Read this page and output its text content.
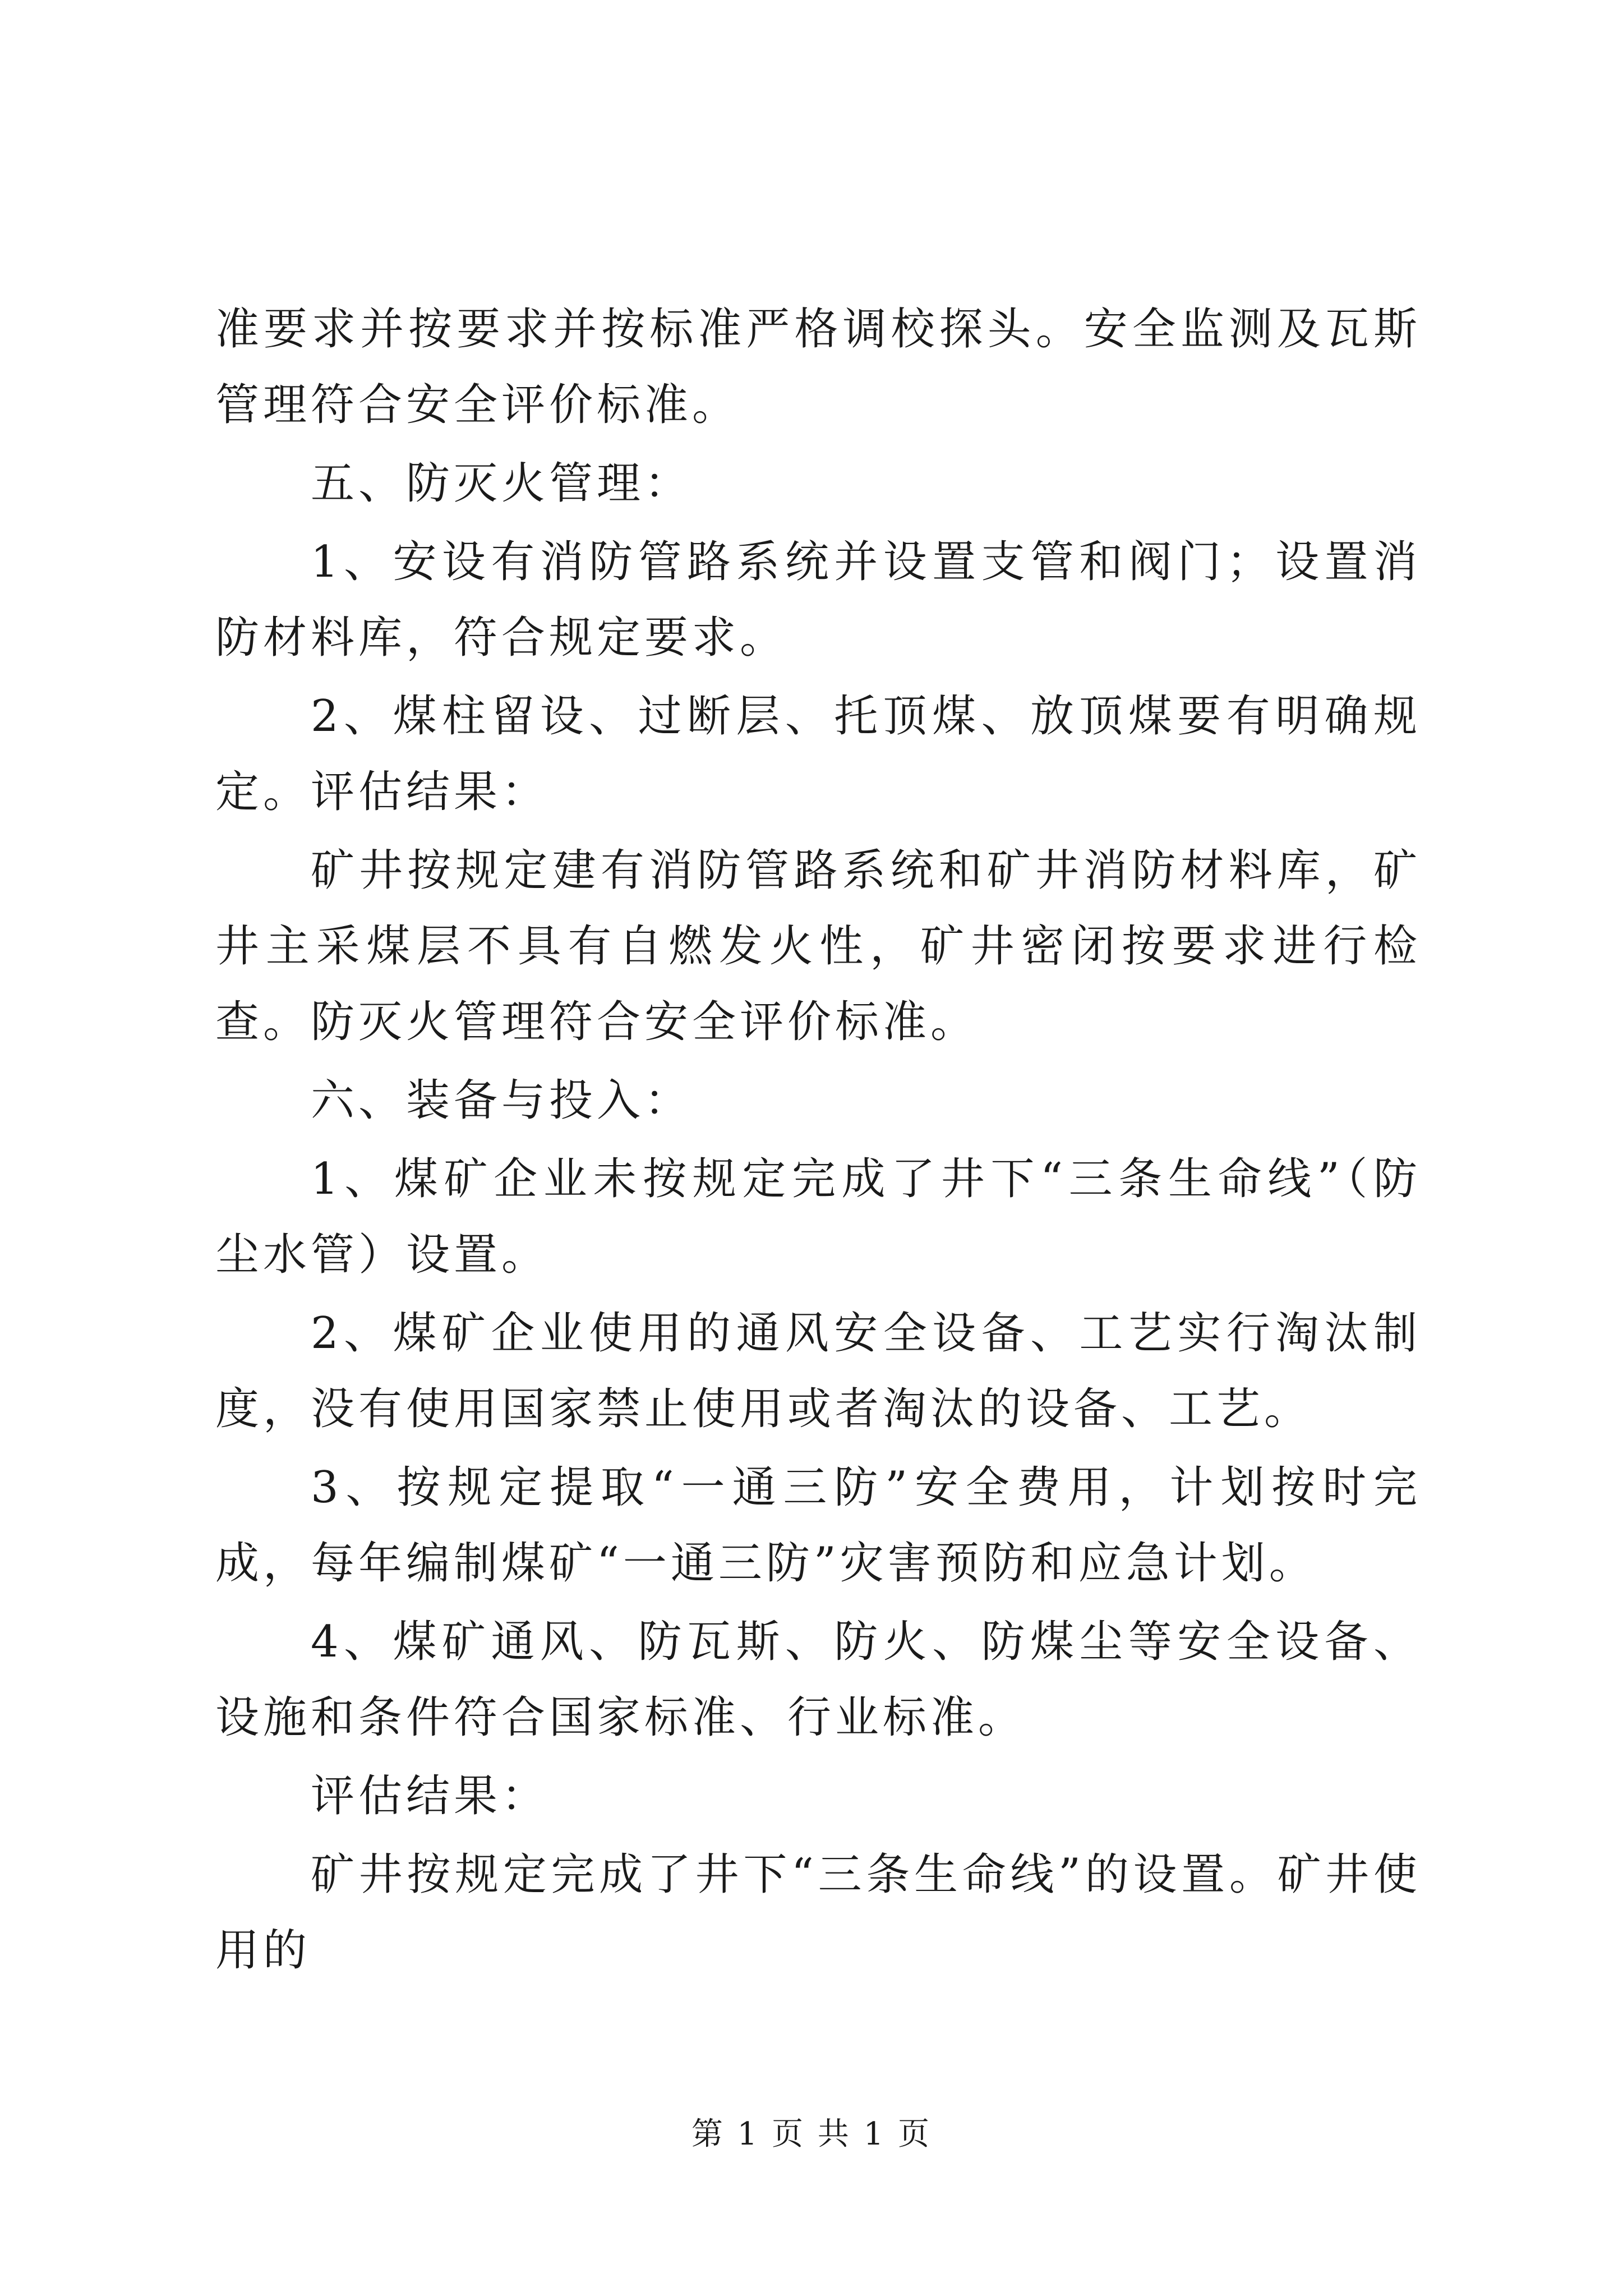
准要求并按要求并按标准严格调校探头。安全监测及瓦斯管理符合安全评价标准。

五、防灭火管理：

1、安设有消防管路系统并设置支管和阀门；设置消防材料库，符合规定要求。

2、煤柱留设、过断层、托顶煤、放顶煤要有明确规定。评估结果：

矿井按规定建有消防管路系统和矿井消防材料库，矿井主采煤层不具有自燃发火性，矿井密闭按要求进行检查。防灭火管理符合安全评价标准。

六、装备与投入：

1、煤矿企业未按规定完成了井下“三条生命线”（防尘水管）设置。

2、煤矿企业使用的通风安全设备、工艺实行淘汰制度，没有使用国家禁止使用或者淘汰的设备、工艺。

3、按规定提取“一通三防”安全费用，计划按时完成，每年编制煤矿“一通三防”灾害预防和应急计划。

4、煤矿通风、防瓦斯、防火、防煤尘等安全设备、设施和条件符合国家标准、行业标准。

评估结果：

矿井按规定完成了井下“三条生命线”的设置。矿井使用的

第 1 页 共 1 页
